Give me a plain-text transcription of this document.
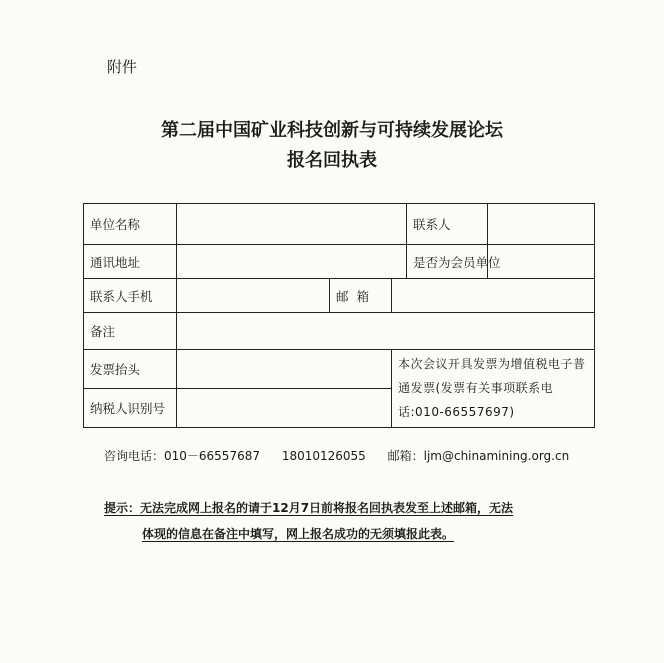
附件
第二届中国矿业科技创新与可持续发展论坛
报名回执表
单位名称				联系人	
通讯地址				是否为会员单位	
联系人手机		邮  箱			
备注					
发票抬头			本次会议开具发票为增值税电子普通发票(发票有关事项联系电话:010-66557697)		
纳税人识别号					
咨询电话：010－66557687 18010126055 邮箱：ljm@chinamining.org.cn
提示：无法完成网上报名的请于12月7日前将报名回执表发至上述邮箱，无法
体现的信息在备注中填写，网上报名成功的无须填报此表。
